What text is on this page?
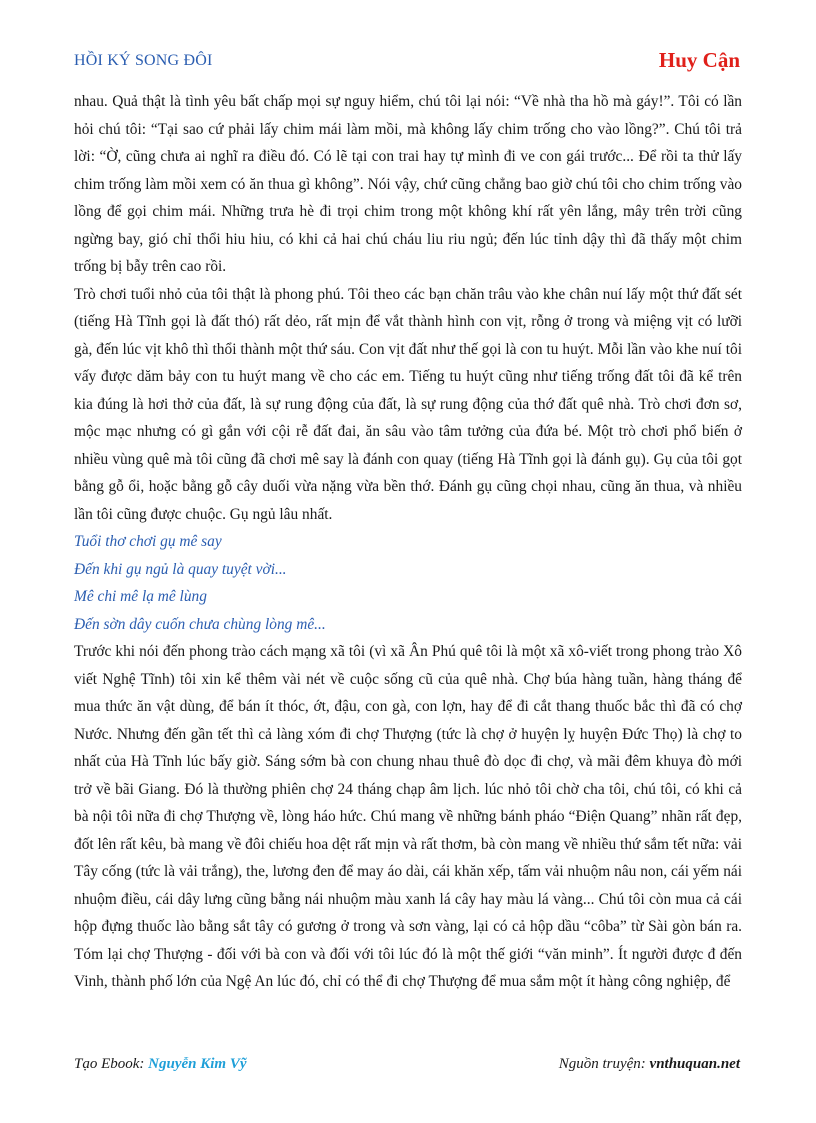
HỒI KÝ SONG ĐÔI	Huy Cận

nhau. Quả thật là tình yêu bất chấp mọi sự nguy hiểm, chú tôi lại nói: “Về nhà tha hồ mà gáy!”. Tôi có lần hỏi chú tôi: “Tại sao cứ phải lấy chim mái làm mồi, mà không lấy chim trống cho vào lồng?”. Chú tôi trả lời: “Ờ, cũng chưa ai nghĩ ra điều đó. Có lẽ tại con trai hay tự mình đi ve con gái trước... Để rồi ta thử lấy chim trống làm mồi xem có ăn thua gì không”. Nói vậy, chứ cũng chẳng bao giờ chú tôi cho chim trống vào lồng để gọi chim mái. Những trưa hè đi trọi chim trong một không khí rất yên lắng, mây trên trời cũng ngừng bay, gió chỉ thổi hiu hiu, có khi cả hai chú cháu liu riu ngủ; đến lúc tỉnh dậy thì đã thấy một chim trống bị bẫy trên cao rồi.

Trò chơi tuổi nhỏ của tôi thật là phong phú. Tôi theo các bạn chăn trâu vào khe chân nuí lấy một thứ đất sét (tiếng Hà Tĩnh gọi là đất thó) rất dẻo, rất mịn để vắt thành hình con vịt, rỗng ở trong và miệng vịt có lưỡi gà, đến lúc vịt khô thì thổi thành một thứ sáu. Con vịt đất như thế gọi là con tu huýt. Mỗi lần vào khe nuí tôi vấy được dăm bảy con tu huýt mang về cho các em. Tiếng tu huýt cũng như tiếng trống đất tôi đã kể trên kia đúng là hơi thở của đất, là sự rung động của đất, là sự rung động của thớ đất quê nhà. Trò chơi đơn sơ, mộc mạc nhưng có gì gắn với cội rễ đất đai, ăn sâu vào tâm tưởng của đứa bé. Một trò chơi phổ biến ở nhiều vùng quê mà tôi cũng đã chơi mê say là đánh con quay (tiếng Hà Tĩnh gọi là đánh gụ). Gụ của tôi gọt bằng gỗ ổi, hoặc bằng gỗ cây duối vừa nặng vừa bền thớ. Đánh gụ cũng chọi nhau, cũng ăn thua, và nhiều lần tôi cũng được chuộc. Gụ ngủ lâu nhất.

Tuổi thơ chơi gụ mê say

Đến khi gụ ngủ là quay tuyệt vời...

Mê chi mê lạ mê lùng

Đến sờn dây cuốn chưa chùng lòng mê...

Trước khi nói đến phong trào cách mạng xã tôi (vì xã Ân Phú quê tôi là một xã xô-viết trong phong trào Xô viết Nghệ Tĩnh) tôi xin kể thêm vài nét về cuộc sống cũ của quê nhà. Chợ búa hàng tuần, hàng tháng để mua thức ăn vật dùng, để bán ít thóc, ớt, đậu, con gà, con lợn, hay để đi cắt thang thuốc bắc thì đã có chợ Nước. Nhưng đến gần tết thì cả làng xóm đi chợ Thượng (tức là chợ ở huyện lỵ huyện Đức Thọ) là chợ to nhất của Hà Tĩnh lúc bấy giờ. Sáng sớm bà con chung nhau thuê đò dọc đi chợ, và mãi đêm khuya đò mới trở về bãi Giang. Đó là thường phiên chợ 24 tháng chạp âm lịch. lúc nhỏ tôi chờ cha tôi, chú tôi, có khi cả bà nội tôi nữa đi chợ Thượng về, lòng háo hức. Chú mang về những bánh pháo “Điện Quang” nhãn rất đẹp, đốt lên rất kêu, bà mang về đôi chiếu hoa dệt rất mịn và rất thơm, bà còn mang về nhiều thứ sắm tết nữa: vải Tây cống (tức là vải trắng), the, lương đen để may áo dài, cái khăn xếp, tấm vải nhuộm nâu non, cái yếm nái nhuộm điều, cái dây lưng cũng bằng nái nhuộm màu xanh lá cây hay màu lá vàng... Chú tôi còn mua cả cái hộp đựng thuốc lào bằng sắt tây có gương ở trong và sơn vàng, lại có cả hộp dầu “côba” từ Sài gòn bán ra. Tóm lại chợ Thượng - đối với bà con và đối với tôi lúc đó là một thế giới “văn minh”. Ít người được đ đến Vinh, thành phố lớn của Ngệ An lúc đó, chỉ có thể đi chợ Thượng để mua sắm một ít hàng công nghiệp, để

Tạo Ebook: Nguyễn Kim Vỹ	Nguồn truyện: vnthuquan.net
